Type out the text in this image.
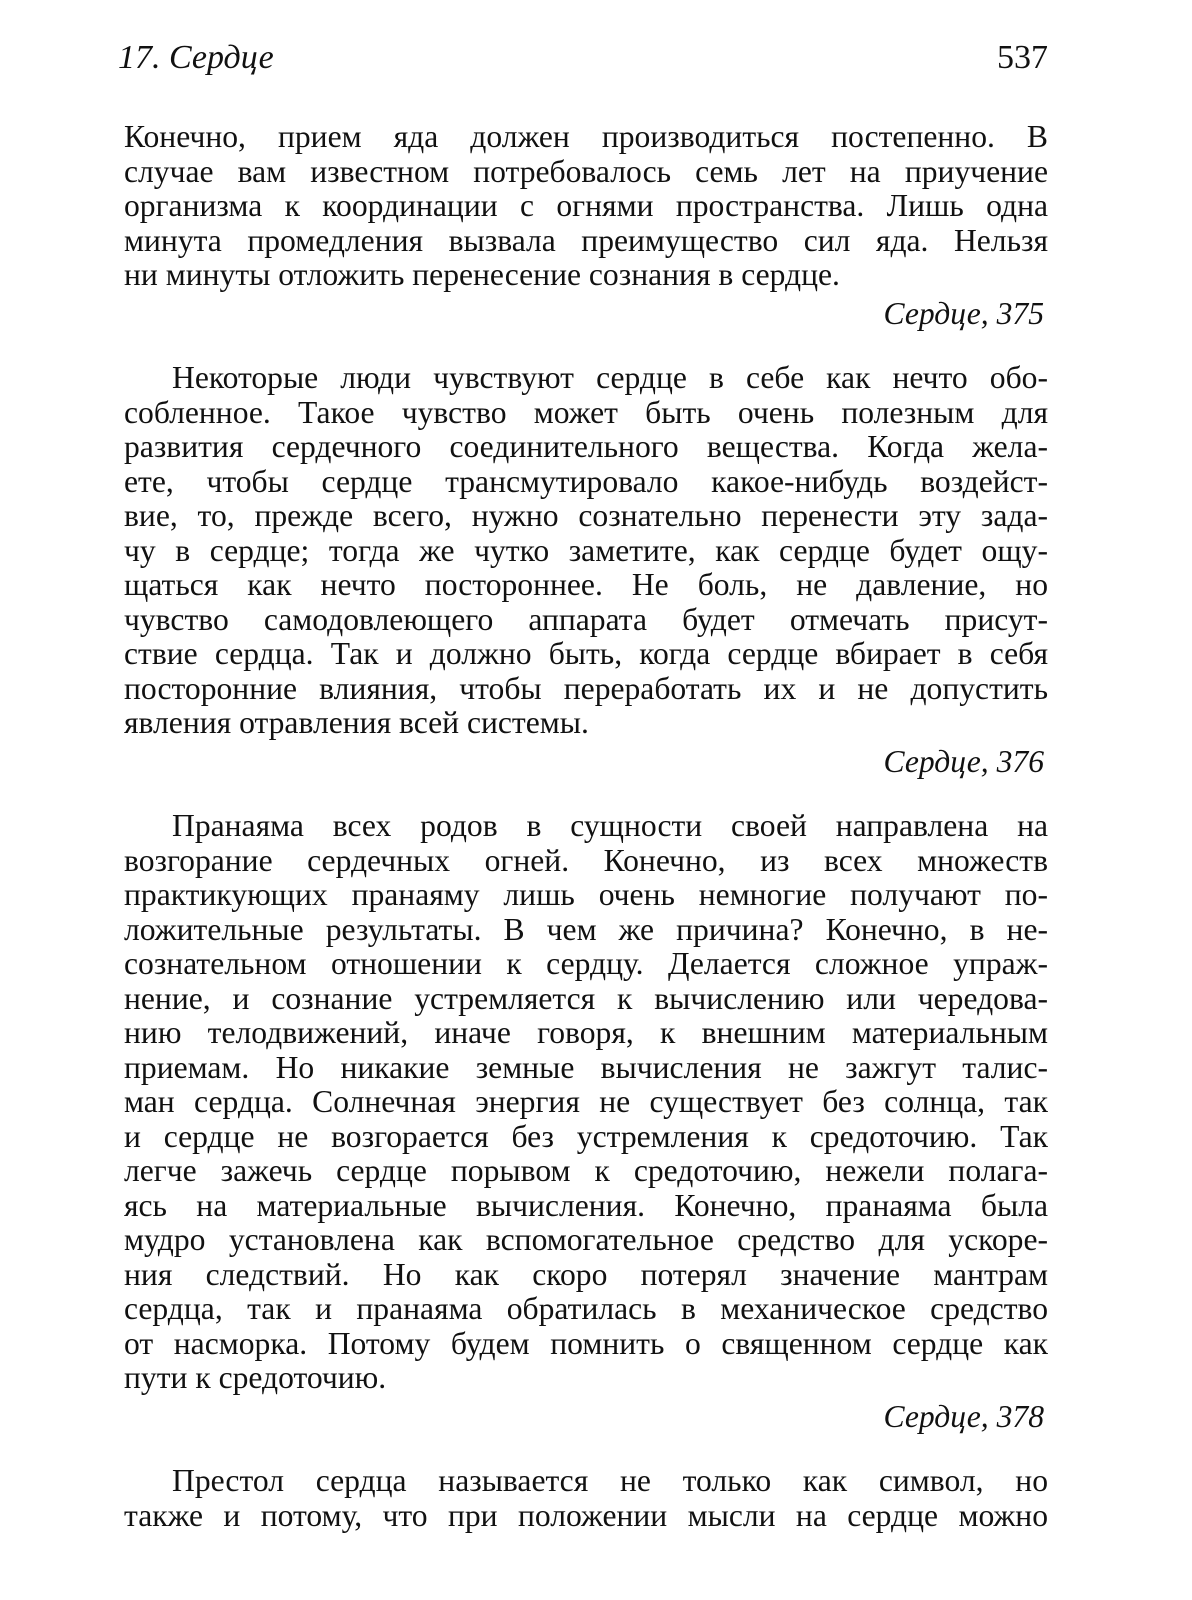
17. Сердце	537
Конечно, прием яда должен производиться постепенно. В
случае вам известном потребовалось семь лет на приучение
организма к координации с огнями пространства. Лишь одна
минута промедления вызвала преимущество сил яда. Нельзя
ни минуты отложить перенесение сознания в сердце.
Сердце, 375
Некоторые люди чувствуют сердце в себе как нечто обо-
собленное. Такое чувство может быть очень полезным для
развития сердечного соединительного вещества. Когда жела-
ете, чтобы сердце трансмутировало какое-нибудь воздейст-
вие, то, прежде всего, нужно сознательно перенести эту зада-
чу в сердце; тогда же чутко заметите, как сердце будет ощу-
щаться как нечто постороннее. Не боль, не давление, но
чувство самодовлеющего аппарата будет отмечать присут-
ствие сердца. Так и должно быть, когда сердце вбирает в себя
посторонние влияния, чтобы переработать их и не допустить
явления отравления всей системы.
Сердце, 376
Пранаяма всех родов в сущности своей направлена на
возгорание сердечных огней. Конечно, из всех множеств
практикующих пранаяму лишь очень немногие получают по-
ложительные результаты. В чем же причина? Конечно, в не-
сознательном отношении к сердцу. Делается сложное упраж-
нение, и сознание устремляется к вычислению или чередова-
нию телодвижений, иначе говоря, к внешним материальным
приемам. Но никакие земные вычисления не зажгут талис-
ман сердца. Солнечная энергия не существует без солнца, так
и сердце не возгорается без устремления к средоточию. Так
легче зажечь сердце порывом к средоточию, нежели полага-
ясь на материальные вычисления. Конечно, пранаяма была
мудро установлена как вспомогательное средство для ускоре-
ния следствий. Но как скоро потерял значение мантрам
сердца, так и пранаяма обратилась в механическое средство
от насморка. Потому будем помнить о священном сердце как
пути к средоточию.
Сердце, 378
Престол сердца называется не только как символ, но
также и потому, что при положении мысли на сердце можно
